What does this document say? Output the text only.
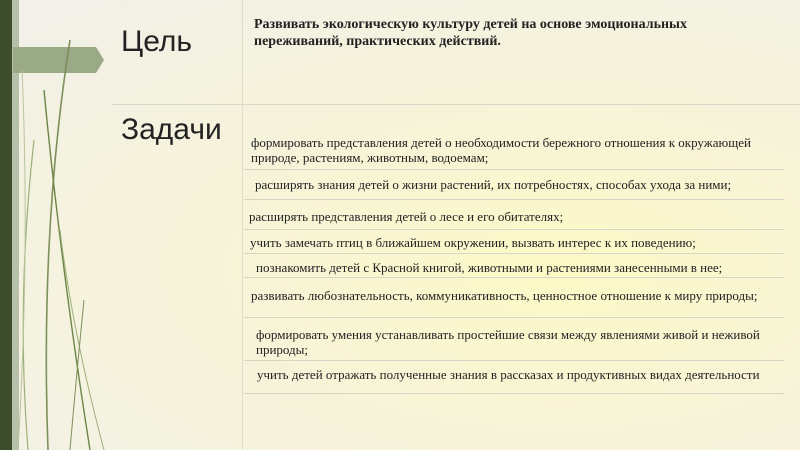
Цель
Развивать экологическую культуру детей на основе эмоциональных переживаний, практических действий.
Задачи формировать представления детей о необходимости бережного отношения к окружающей природе, растениям, животным, водоемам;
расширять знания детей о жизни растений, их потребностях, способах ухода за ними;
расширять представления детей о лесе и его обитателях;
учить замечать птиц в ближайшем окружении, вызвать интерес к их поведению;
познакомить детей с Красной книгой, животными и растениями занесенными в нее;
развивать любознательность, коммуникативность, ценностное отношение к миру природы;
формировать умения устанавливать простейшие связи между явлениями живой и неживой природы;
учить детей отражать полученные знания в рассказах и продуктивных видах деятельности
